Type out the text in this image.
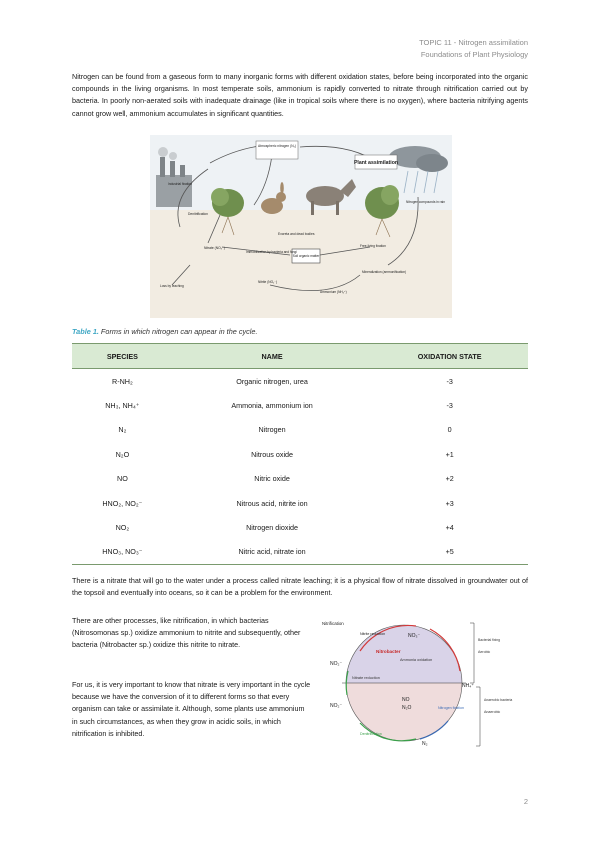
TOPIC 11 - Nitrogen assimilation
Foundations of Plant Physiology

Nitrogen can be found from a gaseous form to many inorganic forms with different oxidation states, before being incorporated into the organic compounds in the living organisms. In most temperate soils, ammonium is rapidly converted to nitrate through nitrification carried out by bacteria. In poorly non-aerated soils with inadequate drainage (like in tropical soils where there is no oxygen), where bacteria nitrifying agents cannot grow well, ammonium accumulates in significant quantities.

Atmospheric nitrogen (N₂)
Plant assimilation
Industrial fixation
Denitrification
Nitrogen compounds in rain
Excreta and dead bodies
Nitrate (NO₃⁻)
Immobilization by bacteria and fungi
Soil organic matter
Free-living fixation
Mineralization (ammonification)
Loss by leaching
Nitrite (NO₂⁻)
Ammonium (NH₄⁺)
Table 1. Forms in which nitrogen can appear in the cycle.
SPECIES	NAME	OXIDATION STATE
R-NH₂	Organic nitrogen, urea	-3
NH₃, NH₄⁺	Ammonia, ammonium ion	-3
N₂	Nitrogen	0
N₂O	Nitrous oxide	+1
NO	Nitric oxide	+2
HNO₂, NO₂⁻	Nitrous acid, nitrite ion	+3
NO₂	Nitrogen dioxide	+4
HNO₃, NO₃⁻	Nitric acid, nitrate ion	+5

There is a nitrate that will go to the water under a process called nitrate leaching; it is a physical flow of nitrate dissolved in groundwater out of the topsoil and eventually into oceans, so it can be a problem for the environment.

There are other processes, like nitrification, in which bacterias (Nitrosomonas sp.) oxidize ammonium to nitrite and subsequently, other bacteria (Nitrobacter sp.) oxidize this nitrite to nitrate.

For us, it is very important to know that nitrate is very important in the cycle because we have the conversion of it to different forms so that every organism can take or assimilate it. Although, some plants use ammonium in such circumstances, as when they grow in acidic soils, in which nitrification is inhibited.

Nitrification
Nitrite reduction	NO₃⁻
NO₂⁻
Nitrobacter
Ammonia oxidation
Nitrate reduction
NH₄⁺
NO
N₂O
NO₂⁻
N₂
Nitrogen fixation
Denitrification
Aerobic
Anaerobic
Bacterial fixing
Anaerobic bacteria
2
